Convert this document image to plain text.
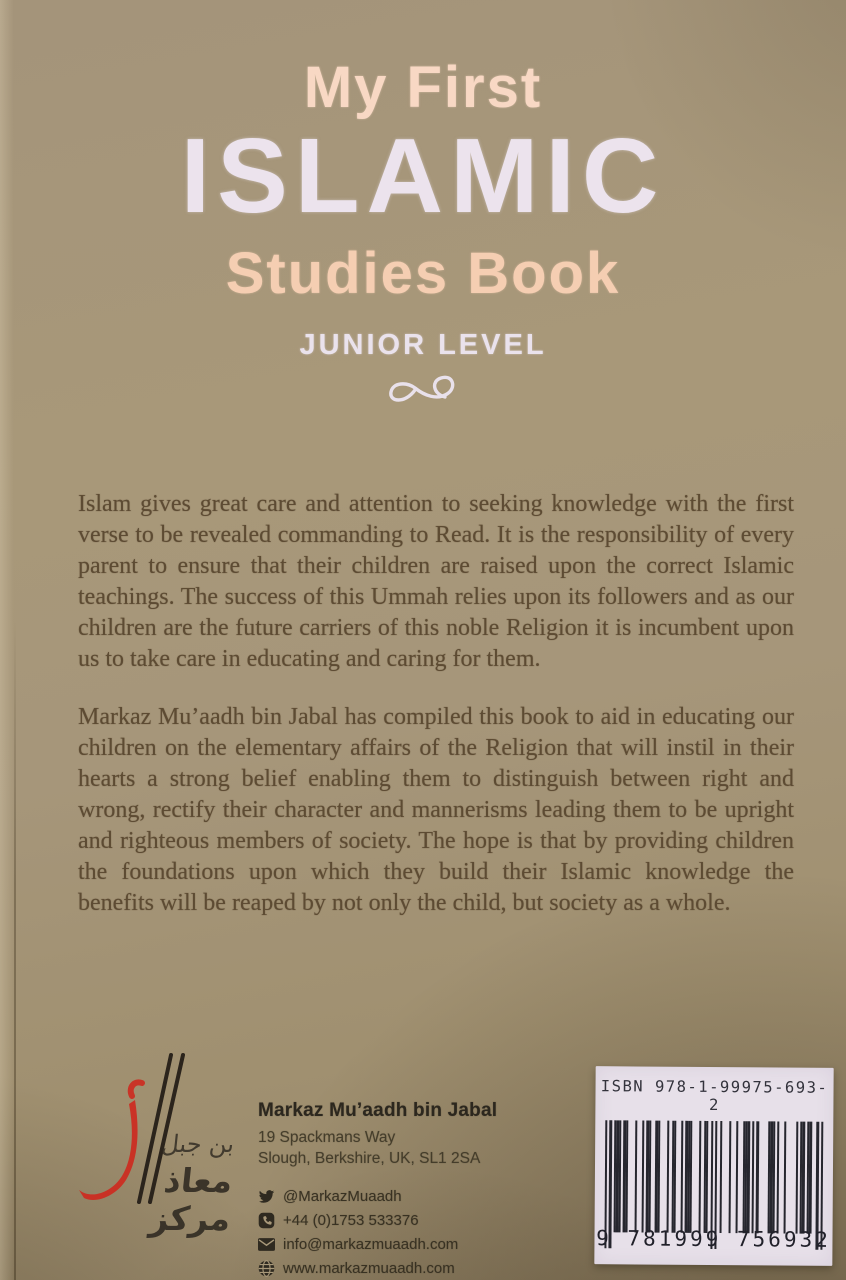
My First
ISLAMIC
Studies Book
JUNIOR LEVEL

Islam gives great care and attention to seeking knowledge with the first verse to be revealed commanding to Read. It is the responsibility of every parent to ensure that their children are raised upon the correct Islamic teachings. The success of this Ummah relies upon its followers and as our children are the future carriers of this noble Religion it is incumbent upon us to take care in educating and caring for them.

Markaz Mu’aadh bin Jabal has compiled this book to aid in educating our children on the elementary affairs of the Religion that will instil in their hearts a strong belief enabling them to distinguish between right and wrong, rectify their character and mannerisms leading them to be upright and righteous members of society. The hope is that by providing children the foundations upon which they build their Islamic knowledge the benefits will be reaped by not only the child, but society as a whole.

بن جبل
معاذ
مركز
Markaz Mu’aadh bin Jabal
19 Spackmans Way
Slough, Berkshire, UK, SL1 2SA
@MarkazMuaadh
+44 (0)1753 533376
info@markazmuaadh.com
www.markazmuaadh.com
ISBN 978-1-99975-693-2
9 781999 756932
